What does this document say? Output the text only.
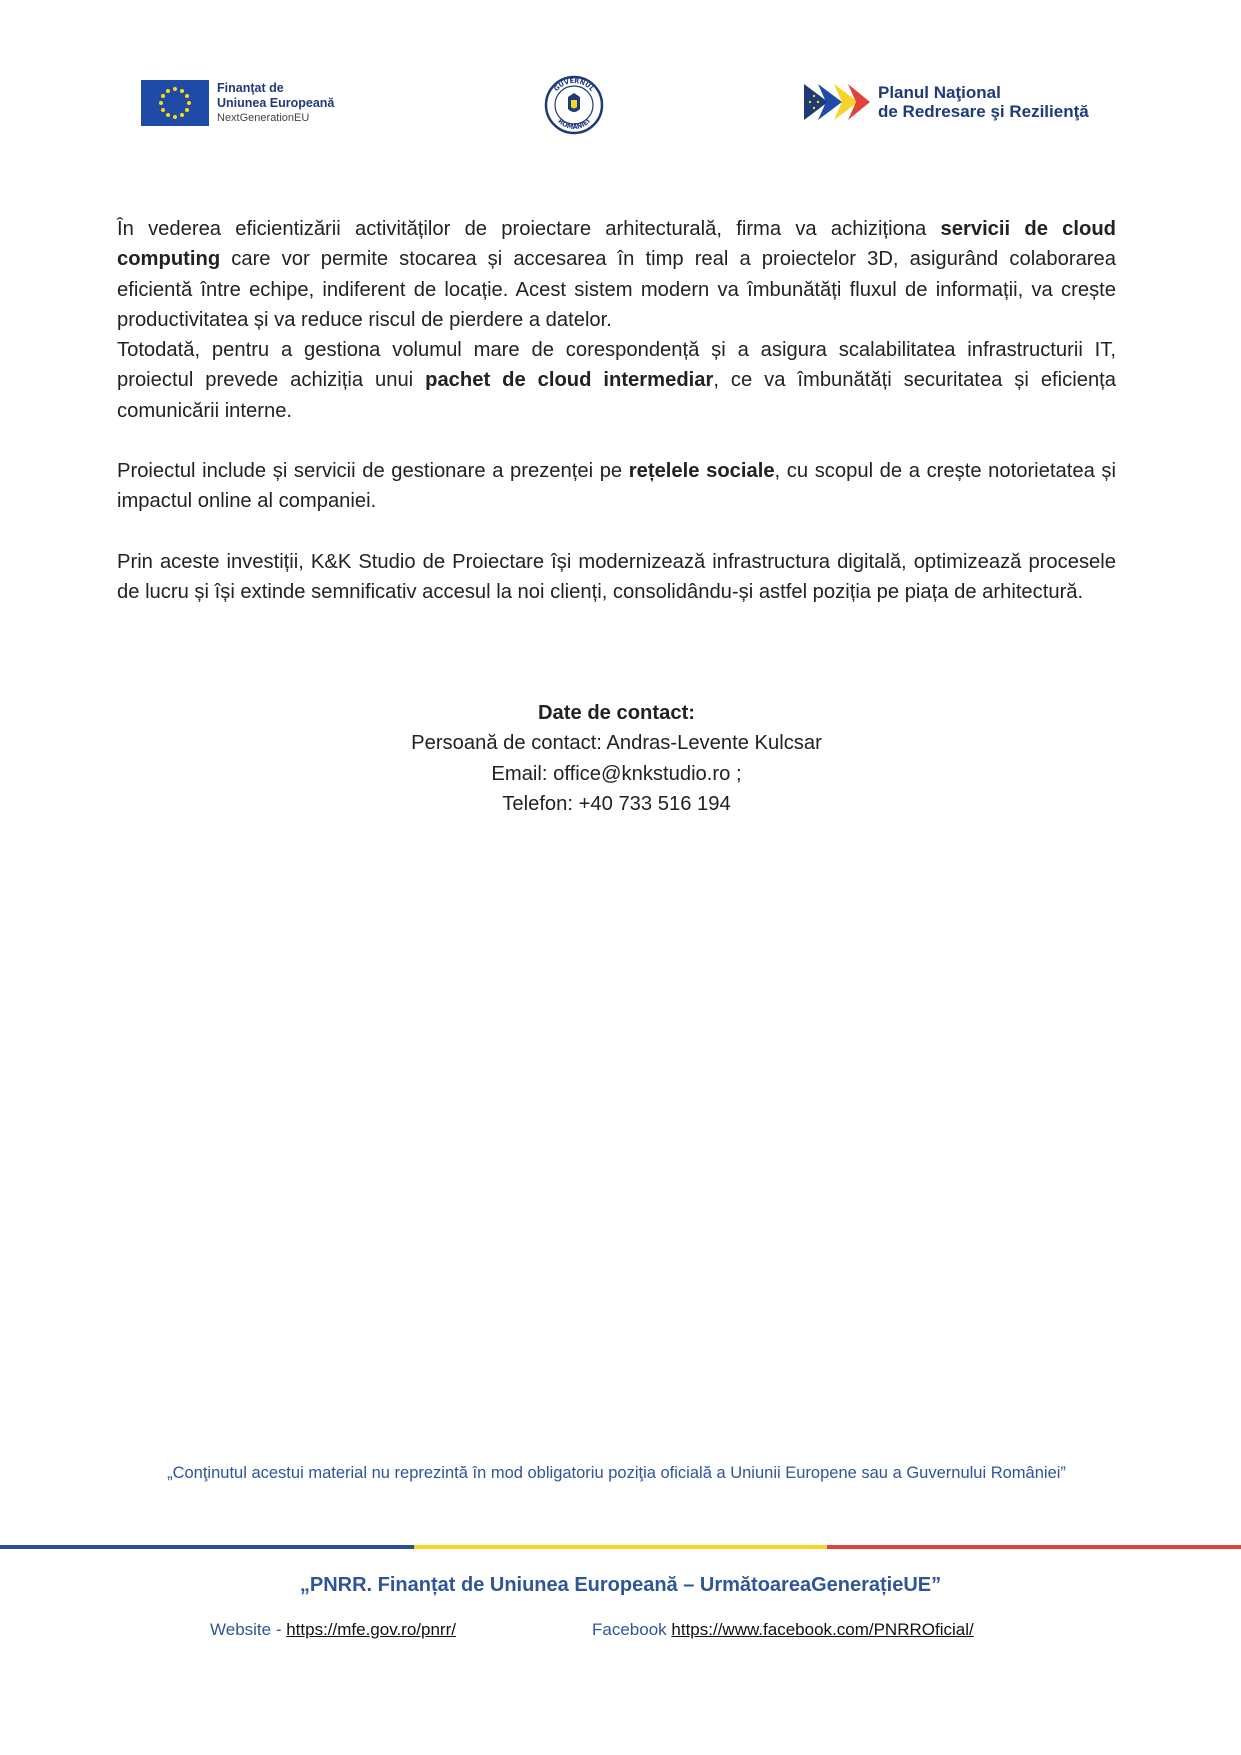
Finanţat de
Uniunea Europeană
NextGenerationEU
GUVERNUL
ROMÂNIEI
Planul Naţional
de Redresare şi Rezilienţă

În vederea eficientizării activităților de proiectare arhitecturală, firma va achiziționa servicii de cloud computing care vor permite stocarea și accesarea în timp real a proiectelor 3D, asigurând colaborarea eficientă între echipe, indiferent de locație. Acest sistem modern va îmbunătăți fluxul de informații, va crește productivitatea și va reduce riscul de pierdere a datelor.

Totodată, pentru a gestiona volumul mare de corespondență și a asigura scalabilitatea infrastructurii IT, proiectul prevede achiziția unui pachet de cloud intermediar, ce va îmbunătăți securitatea și eficiența comunicării interne.

Proiectul include și servicii de gestionare a prezenței pe rețelele sociale, cu scopul de a crește notorietatea și impactul online al companiei.

Prin aceste investiții, K&K Studio de Proiectare își modernizează infrastructura digitală, optimizează procesele de lucru și își extinde semnificativ accesul la noi clienți, consolidându-și astfel poziția pe piața de arhitectură.

Date de contact:
Persoană de contact: Andras-Levente Kulcsar
Email: office@knkstudio.ro ;
Telefon: +40 733 516 194
„Conţinutul acestui material nu reprezintă în mod obligatoriu poziţia oficială a Uniunii Europene sau a Guvernului României”
„PNRR. Finanțat de Uniunea Europeană – UrmătoareaGenerațieUE”
Website - https://mfe.gov.ro/pnrr/	Facebook https://www.facebook.com/PNRROficial/
